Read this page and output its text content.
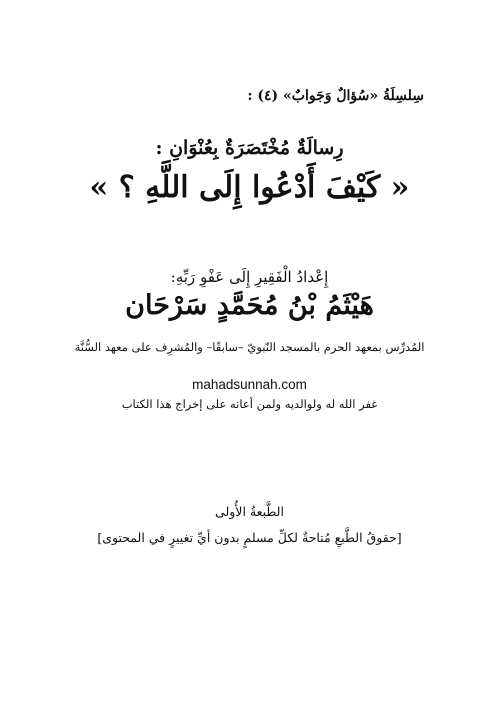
سِلسِلَةُ «سُؤالٌ وَجَوابٌ» (٤) :

رِسالَةٌ مُخْتَصَرَةٌ بِعُنْوَانِ :

« كَيْفَ أَدْعُوا إِلَى اللَّهِ ؟ »

إِعْدادُ الْفَقِيرِ إِلَى عَفْوِ رَبِّهِ:

هَيْثَمُ بْنُ مُحَمَّدٍ سَرْحَان

المُدرِّس بمعهد الحرم بالمسجد النّبويّ –سابقًا– والمُشرِف على معهد السُّنَّة

mahadsunnah.com

غفر الله له ولوالديه ولمن أعانه على إخراج هذا الكتاب

الطَّبعةُ الأُولى

[حقوقُ الطَّبعِ مُتاحةٌ لكلِّ مسلمٍ بدون أيِّ تغييرٍ في المحتوى]
